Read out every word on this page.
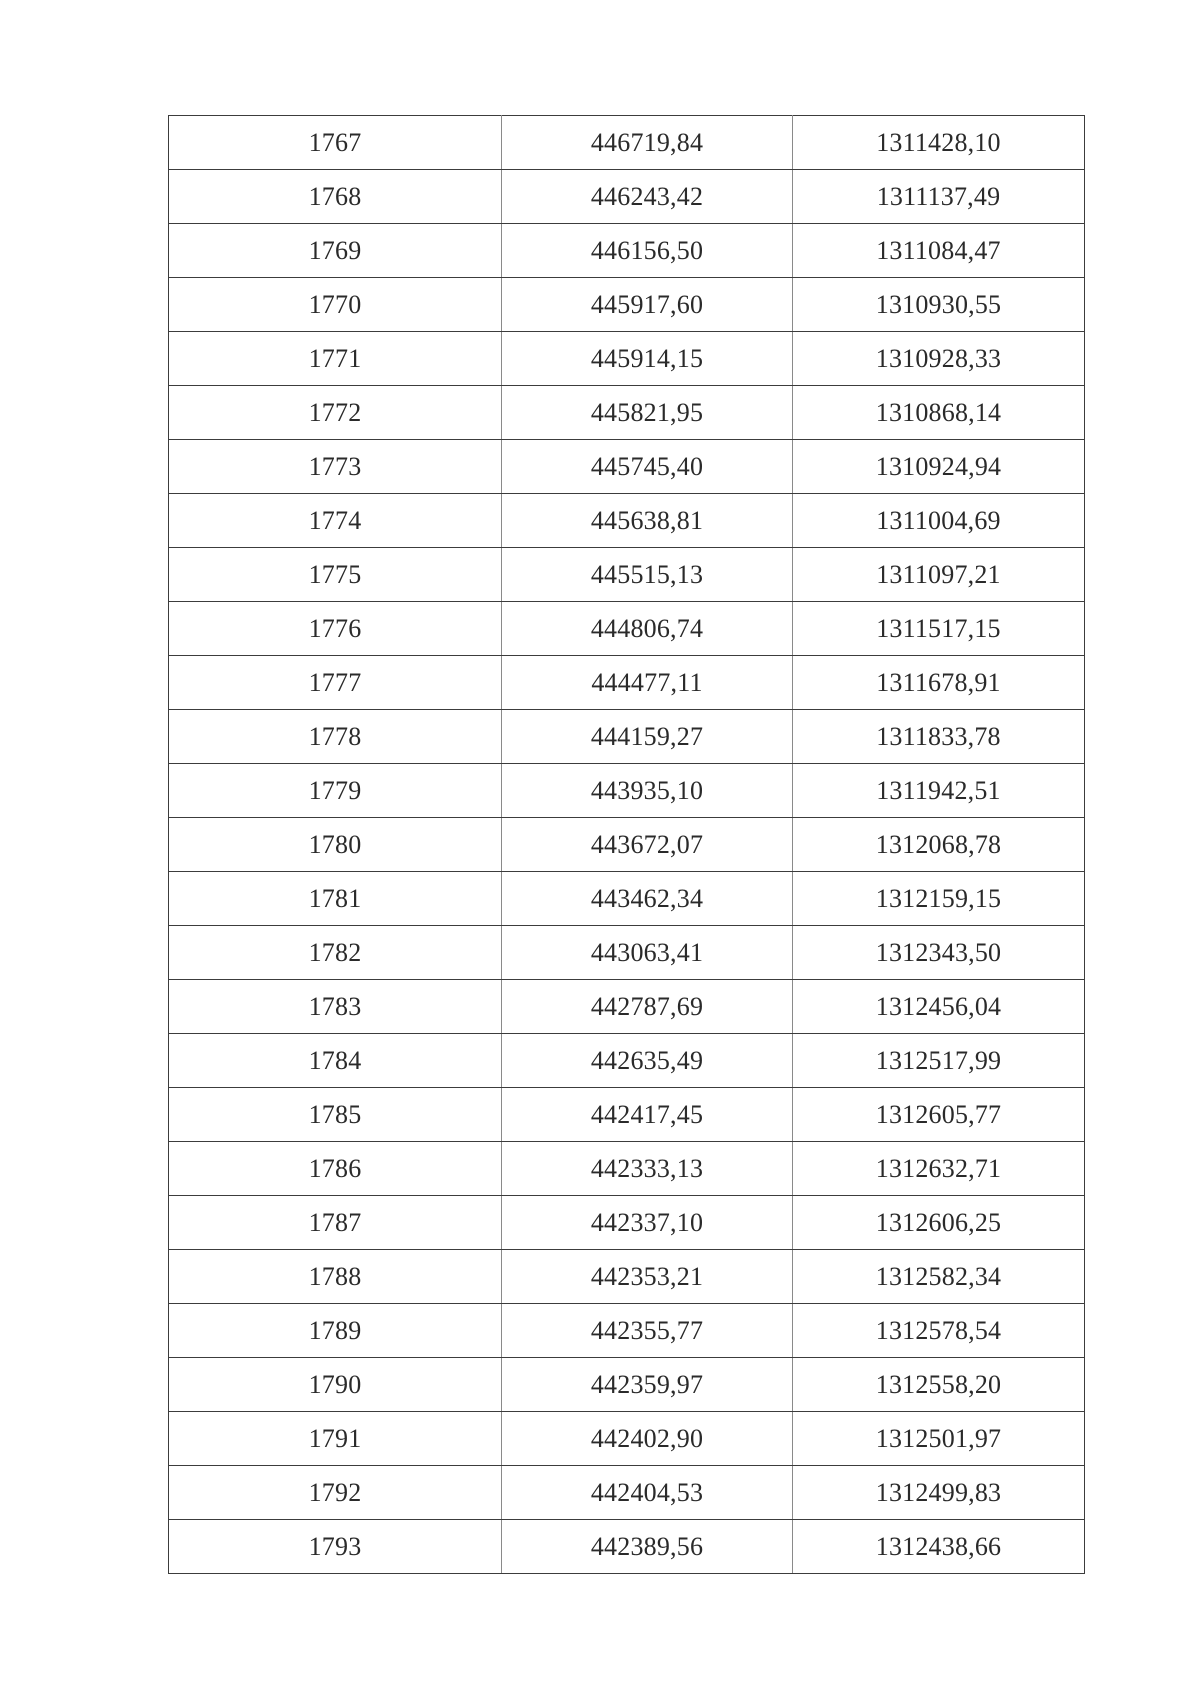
1767	446719,84	1311428,10
1768	446243,42	1311137,49
1769	446156,50	1311084,47
1770	445917,60	1310930,55
1771	445914,15	1310928,33
1772	445821,95	1310868,14
1773	445745,40	1310924,94
1774	445638,81	1311004,69
1775	445515,13	1311097,21
1776	444806,74	1311517,15
1777	444477,11	1311678,91
1778	444159,27	1311833,78
1779	443935,10	1311942,51
1780	443672,07	1312068,78
1781	443462,34	1312159,15
1782	443063,41	1312343,50
1783	442787,69	1312456,04
1784	442635,49	1312517,99
1785	442417,45	1312605,77
1786	442333,13	1312632,71
1787	442337,10	1312606,25
1788	442353,21	1312582,34
1789	442355,77	1312578,54
1790	442359,97	1312558,20
1791	442402,90	1312501,97
1792	442404,53	1312499,83
1793	442389,56	1312438,66
